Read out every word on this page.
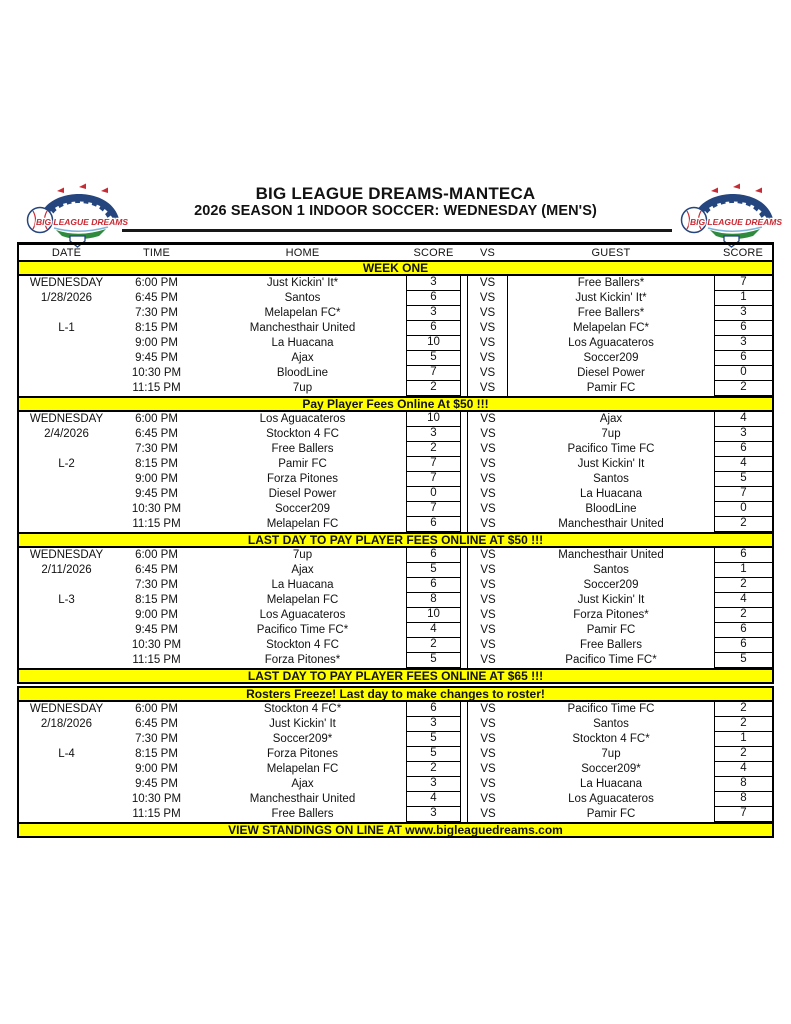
BIG LEAGUE DREAMS	BIG LEAGUE DREAMS
BIG LEAGUE DREAMS-MANTECA
2026 SEASON 1 INDOOR SOCCER: WEDNESDAY (MEN'S)
DATE	TIME	HOME	SCORE	VS	GUEST	SCORE
WEEK ONE
WEDNESDAY
1/28/2026
L-1
6:00 PM	Just Kickin' It*	3	VS	Free Ballers*	7
6:45 PM	Santos	6	VS	Just Kickin' It*	1
7:30 PM	Melapelan FC*	3	VS	Free Ballers*	3
8:15 PM	Manchesthair United	6	VS	Melapelan FC*	6
9:00 PM	La Huacana	10	VS	Los Aguacateros	3
9:45 PM	Ajax	5	VS	Soccer209	6
10:30 PM	BloodLine	7	VS	Diesel Power	0
11:15 PM	7up	2	VS	Pamir FC	2
Pay Player Fees Online At $50 !!!
WEDNESDAY
2/4/2026
L-2
6:00 PM	Los Aguacateros	10	VS	Ajax	4
6:45 PM	Stockton 4 FC	3	VS	7up	3
7:30 PM	Free Ballers	2	VS	Pacifico Time FC	6
8:15 PM	Pamir FC	7	VS	Just Kickin' It	4
9:00 PM	Forza Pitones	7	VS	Santos	5
9:45 PM	Diesel Power	0	VS	La Huacana	7
10:30 PM	Soccer209	7	VS	BloodLine	0
11:15 PM	Melapelan FC	6	VS	Manchesthair United	2
LAST DAY TO PAY PLAYER FEES ONLINE AT $50 !!!
WEDNESDAY
2/11/2026
L-3
6:00 PM	7up	6	VS	Manchesthair United	6
6:45 PM	Ajax	5	VS	Santos	1
7:30 PM	La Huacana	6	VS	Soccer209	2
8:15 PM	Melapelan FC	8	VS	Just Kickin' It	4
9:00 PM	Los Aguacateros	10	VS	Forza Pitones*	2
9:45 PM	Pacifico Time FC*	4	VS	Pamir FC	6
10:30 PM	Stockton 4 FC	2	VS	Free Ballers	6
11:15 PM	Forza Pitones*	5	VS	Pacifico Time FC*	5
LAST DAY TO PAY PLAYER FEES ONLINE AT $65 !!!
Rosters Freeze! Last day to make changes to roster!
WEDNESDAY
2/18/2026
L-4
6:00 PM	Stockton 4 FC*	6	VS	Pacifico Time FC	2
6:45 PM	Just Kickin' It	3	VS	Santos	2
7:30 PM	Soccer209*	5	VS	Stockton 4 FC*	1
8:15 PM	Forza Pitones	5	VS	7up	2
9:00 PM	Melapelan FC	2	VS	Soccer209*	4
9:45 PM	Ajax	3	VS	La Huacana	8
10:30 PM	Manchesthair United	4	VS	Los Aguacateros	8
11:15 PM	Free Ballers	3	VS	Pamir FC	7
VIEW STANDINGS ON LINE AT www.bigleaguedreams.com
